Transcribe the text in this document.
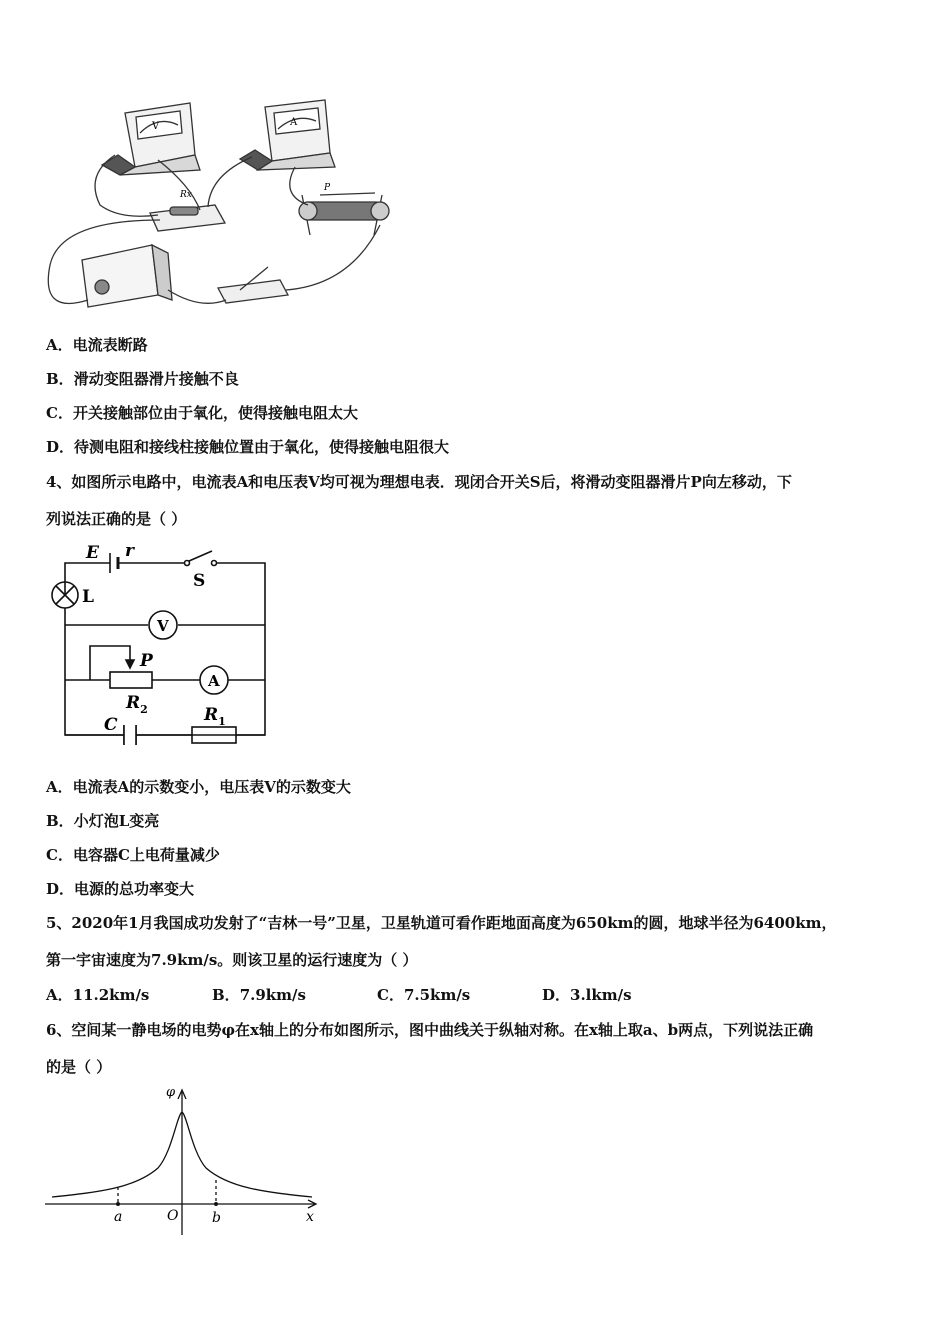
V	A
Rx
P
A．电流表断路
B．滑动变阻器滑片接触不良
C．开关接触部位由于氧化，使得接触电阻太大
D．待测电阻和接线柱接触位置由于氧化，使得接触电阻很大
4、如图所示电路中，电流表A和电压表V均可视为理想电表．现闭合开关S后，将滑动变阻器滑片P向左移动，下
列说法正确的是（ ）
E r
S
L
V
P
A
$R_2$	$R_1$
C
A．电流表A的示数变小，电压表V的示数变大
B．小灯泡L变亮
C．电容器C上电荷量减少
D．电源的总功率变大
5、2020年1月我国成功发射了“吉林一号”卫星，卫星轨道可看作距地面高度为650km的圆，地球半径为6400km，
第一宇宙速度为7.9km/s。则该卫星的运行速度为（ ）
A．11.2km/s	B．7.9km/s	C．7.5km/s	D．3.lkm/s
6、空间某一静电场的电势φ在x轴上的分布如图所示，图中曲线关于纵轴对称。在x轴上取a、b两点，下列说法正确
的是（ ）
φ
x
O
a	b
